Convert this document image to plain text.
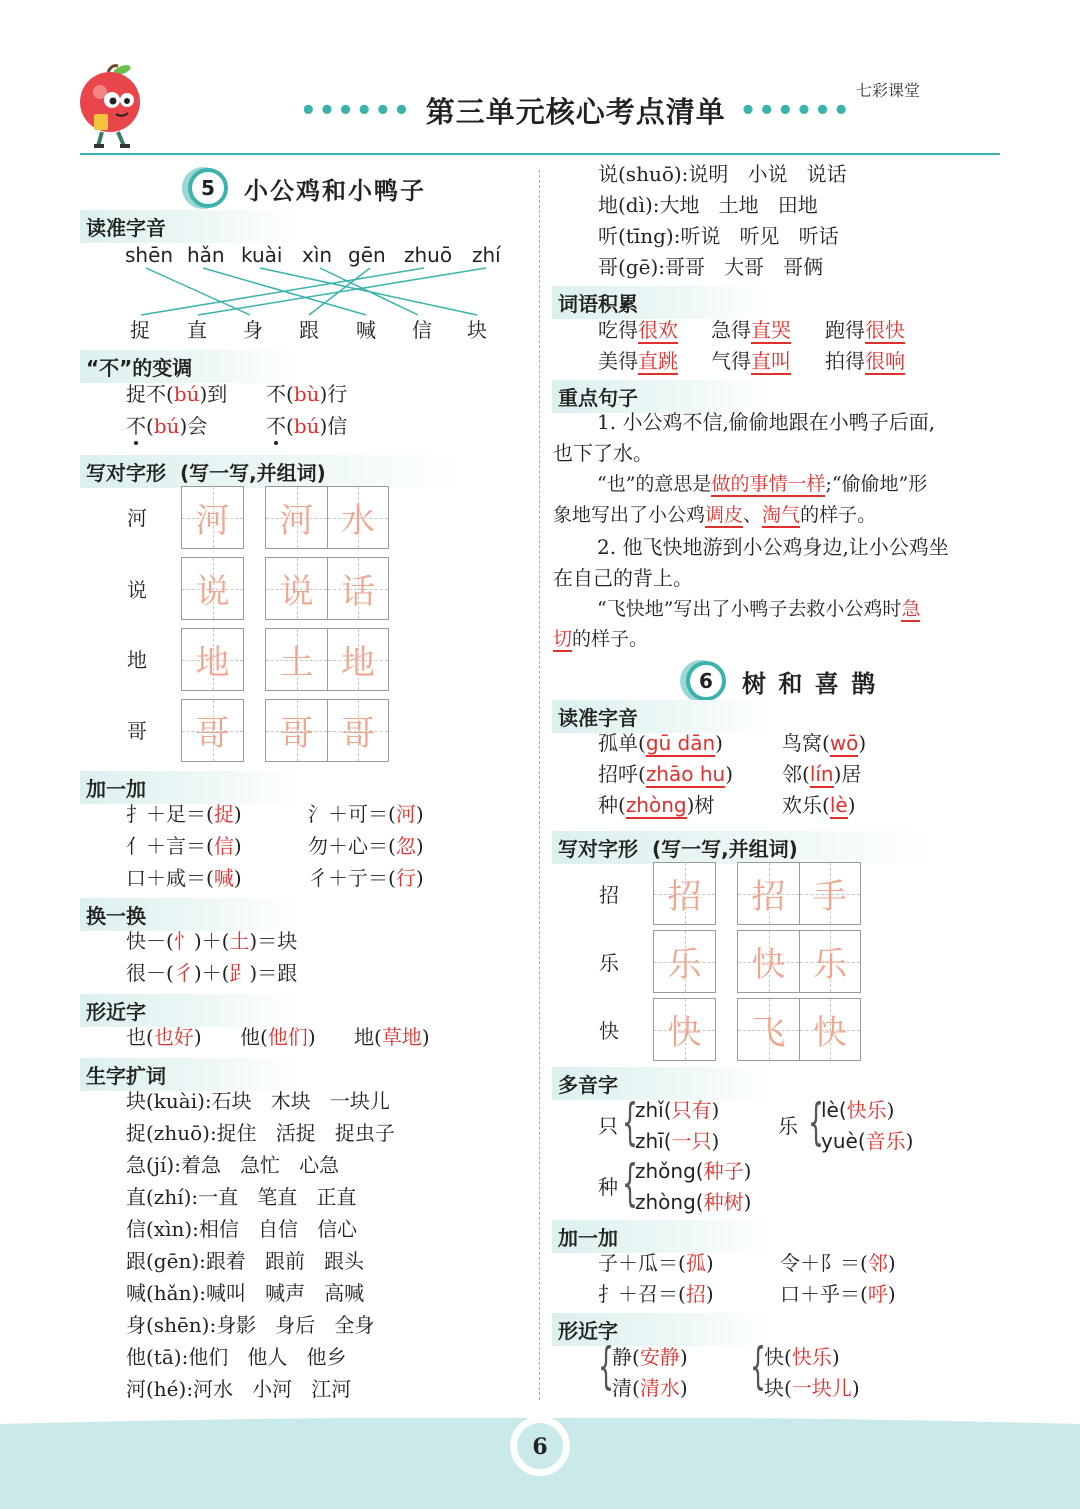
七彩课堂
•••••• 第三单元核心考点清单 ••••••
5	小公鸡和小鸭子
读准字音
shēn hǎn kuài xìn gēn zhuō zhí
捉 直 身 跟 喊 信 块
“不”的变调
捉不(bú)到 不(bù)行
不(bú)会	不(bú)信
写对字形 (写一写,并组词)
河	河	河 水
说	说	说 话
地	地	土 地
哥	哥	哥 哥
加一加
扌＋足＝(捉)	氵＋可＝(河)
亻＋言＝(信)	勿＋心＝(忽)
口＋咸＝(喊)	彳＋亍＝(行)
换一换
快－(忄)＋(土)＝块
很－(彳)＋(𧾷)＝跟
形近字
也(也好) 他(他们) 地(草地)
生字扩词
块(kuài):石块 木块 一块儿
捉(zhuō):捉住 活捉 捉虫子
急(jí):着急 急忙 心急
直(zhí):一直 笔直 正直
信(xìn):相信 自信 信心
跟(gēn):跟着 跟前 跟头
喊(hǎn):喊叫 喊声 高喊
身(shēn):身影 身后 全身
他(tā):他们 他人 他乡
河(hé):河水 小河 江河
说(shuō):说明 小说 说话
地(dì):大地 土地 田地
听(tīng):听说 听见 听话
哥(gē):哥哥 大哥 哥俩
词语积累
吃得很欢 急得直哭 跑得很快
美得直跳 气得直叫 拍得很响
重点句子
1. 小公鸡不信,偷偷地跟在小鸭子后面,
也下了水。
“也”的意思是做的事情一样;“偷偷地”形
象地写出了小公鸡调皮、淘气的样子。
2. 他飞快地游到小公鸡身边,让小公鸡坐
在自己的背上。
“飞快地”写出了小鸭子去救小公鸡时急
切的样子。
6	树 和 喜 鹊
读准字音
孤单(gū dān)	鸟窝(wō)
招呼(zhāo hu) 邻(lín)居
种(zhòng)树	欢乐(lè)
写对字形 (写一写,并组词)
招	招	招 手
乐	乐	快 乐
快	快	飞 快
多音字
只 {
zhǐ(只有)
zhī(一只)
乐 {
lè(快乐)
yuè(音乐)
种 {
zhǒng(种子)
zhòng(种树)
加一加
子＋瓜＝(孤)	令＋阝＝(邻)
扌＋召＝(招)	口＋乎＝(呼)
形近字
{
静(安静)
清(清水) {
快(快乐)
块(一块儿)
6
